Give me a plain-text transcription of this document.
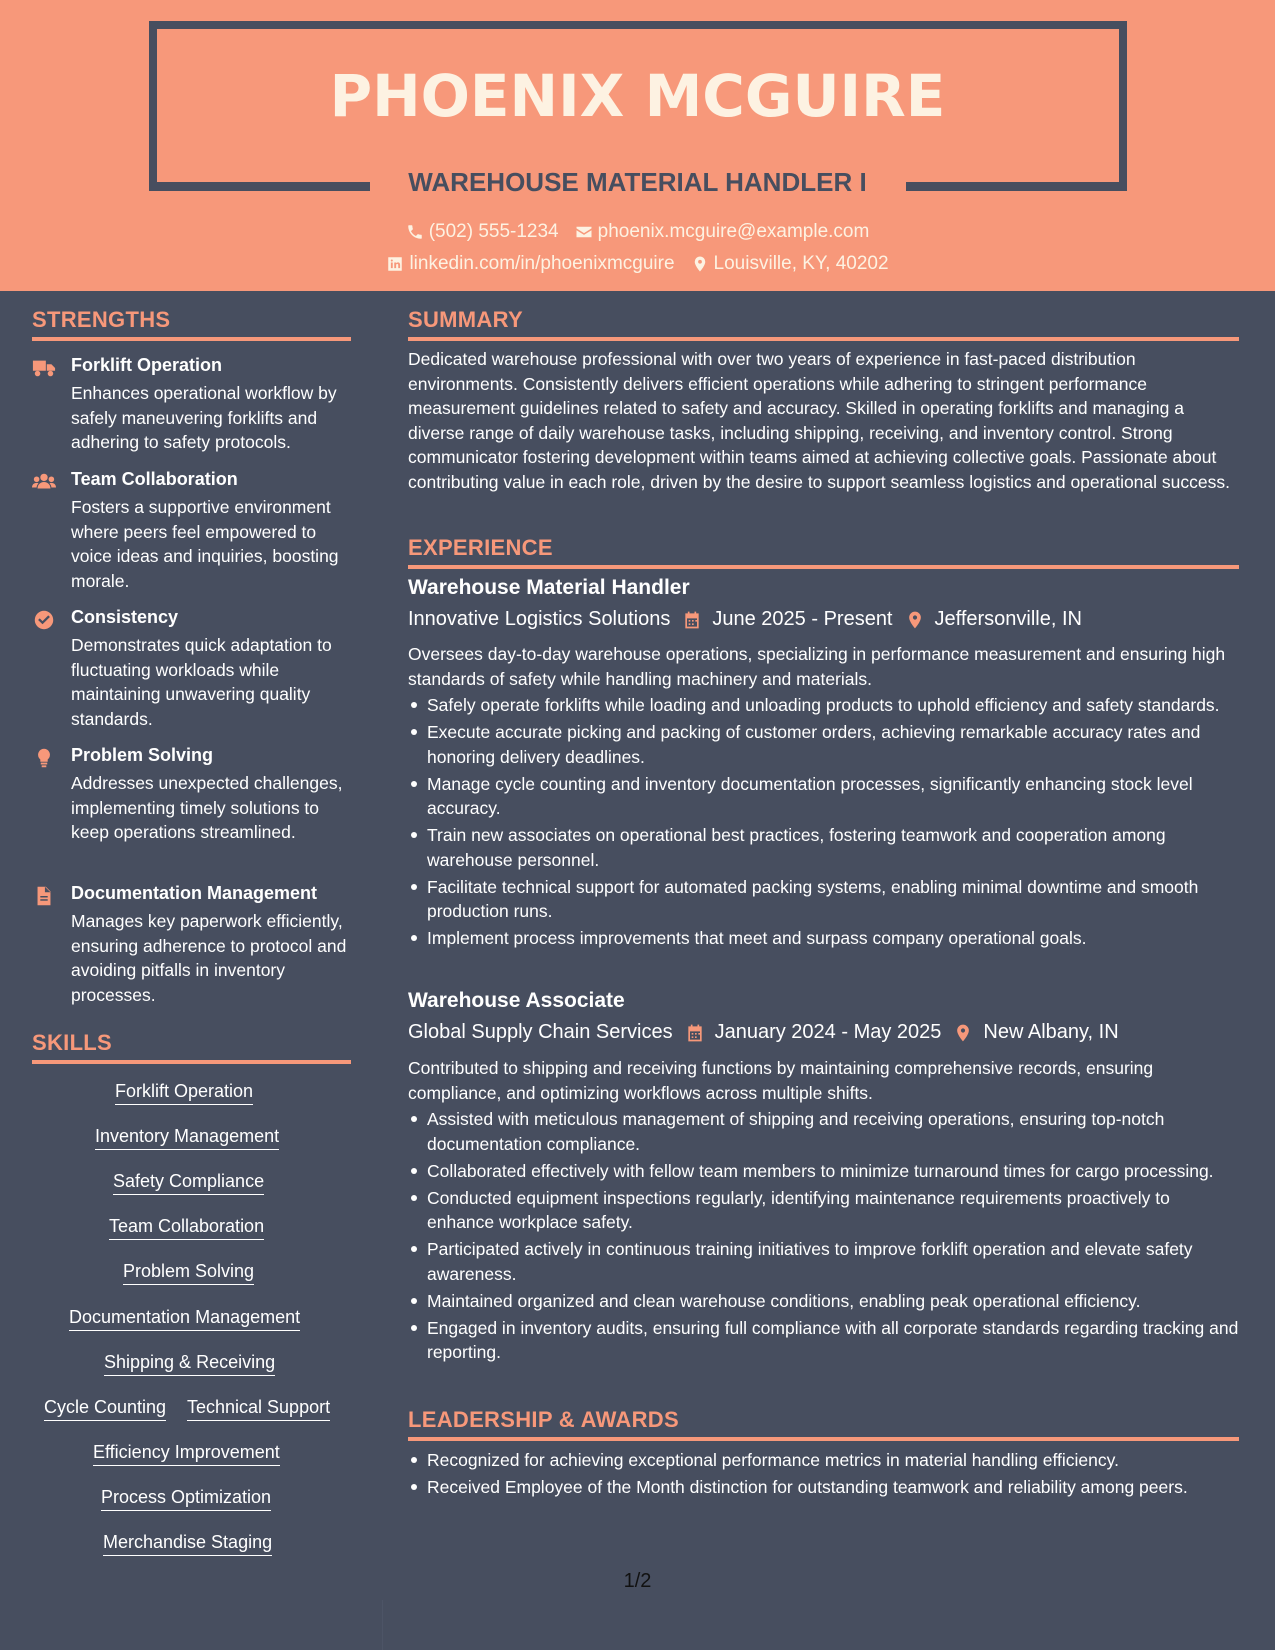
PHOENIX MCGUIRE
WAREHOUSE MATERIAL HANDLER I
(502) 555-1234 phoenix.mcguire@example.com
linkedin.com/in/phoenixmcguire Louisville, KY, 40202
STRENGTHS
Forklift Operation
Enhances operational workflow by safely maneuvering forklifts and adhering to safety protocols.
Team Collaboration
Fosters a supportive environment where peers feel empowered to voice ideas and inquiries, boosting morale.
Consistency
Demonstrates quick adaptation to fluctuating workloads while maintaining unwavering quality standards.
Problem Solving
Addresses unexpected challenges, implementing timely solutions to keep operations streamlined.
Documentation Management
Manages key paperwork efficiently, ensuring adherence to protocol and avoiding pitfalls in inventory processes.
SKILLS
Forklift Operation
Inventory Management
Safety Compliance
Team Collaboration
Problem Solving
Documentation Management
Shipping & Receiving
Cycle Counting Technical Support
Efficiency Improvement
Process Optimization
Merchandise Staging
SUMMARY
Dedicated warehouse professional with over two years of experience in fast-paced distribution environments. Consistently delivers efficient operations while adhering to stringent performance measurement guidelines related to safety and accuracy. Skilled in operating forklifts and managing a diverse range of daily warehouse tasks, including shipping, receiving, and inventory control. Strong communicator fostering development within teams aimed at achieving collective goals. Passionate about contributing value in each role, driven by the desire to support seamless logistics and operational success.
EXPERIENCE
Warehouse Material Handler
Innovative Logistics Solutions June 2025 - Present Jeffersonville, IN
Oversees day-to-day warehouse operations, specializing in performance measurement and ensuring high standards of safety while handling machinery and materials.
Safely operate forklifts while loading and unloading products to uphold efficiency and safety standards.
Execute accurate picking and packing of customer orders, achieving remarkable accuracy rates and honoring delivery deadlines.
Manage cycle counting and inventory documentation processes, significantly enhancing stock level accuracy.
Train new associates on operational best practices, fostering teamwork and cooperation among warehouse personnel.
Facilitate technical support for automated packing systems, enabling minimal downtime and smooth production runs.
Implement process improvements that meet and surpass company operational goals.
Warehouse Associate
Global Supply Chain Services January 2024 - May 2025 New Albany, IN
Contributed to shipping and receiving functions by maintaining comprehensive records, ensuring compliance, and optimizing workflows across multiple shifts.
Assisted with meticulous management of shipping and receiving operations, ensuring top-notch documentation compliance.
Collaborated effectively with fellow team members to minimize turnaround times for cargo processing.
Conducted equipment inspections regularly, identifying maintenance requirements proactively to enhance workplace safety.
Participated actively in continuous training initiatives to improve forklift operation and elevate safety awareness.
Maintained organized and clean warehouse conditions, enabling peak operational efficiency.
Engaged in inventory audits, ensuring full compliance with all corporate standards regarding tracking and reporting.
LEADERSHIP & AWARDS
Recognized for achieving exceptional performance metrics in material handling efficiency.
Received Employee of the Month distinction for outstanding teamwork and reliability among peers.
1/2
